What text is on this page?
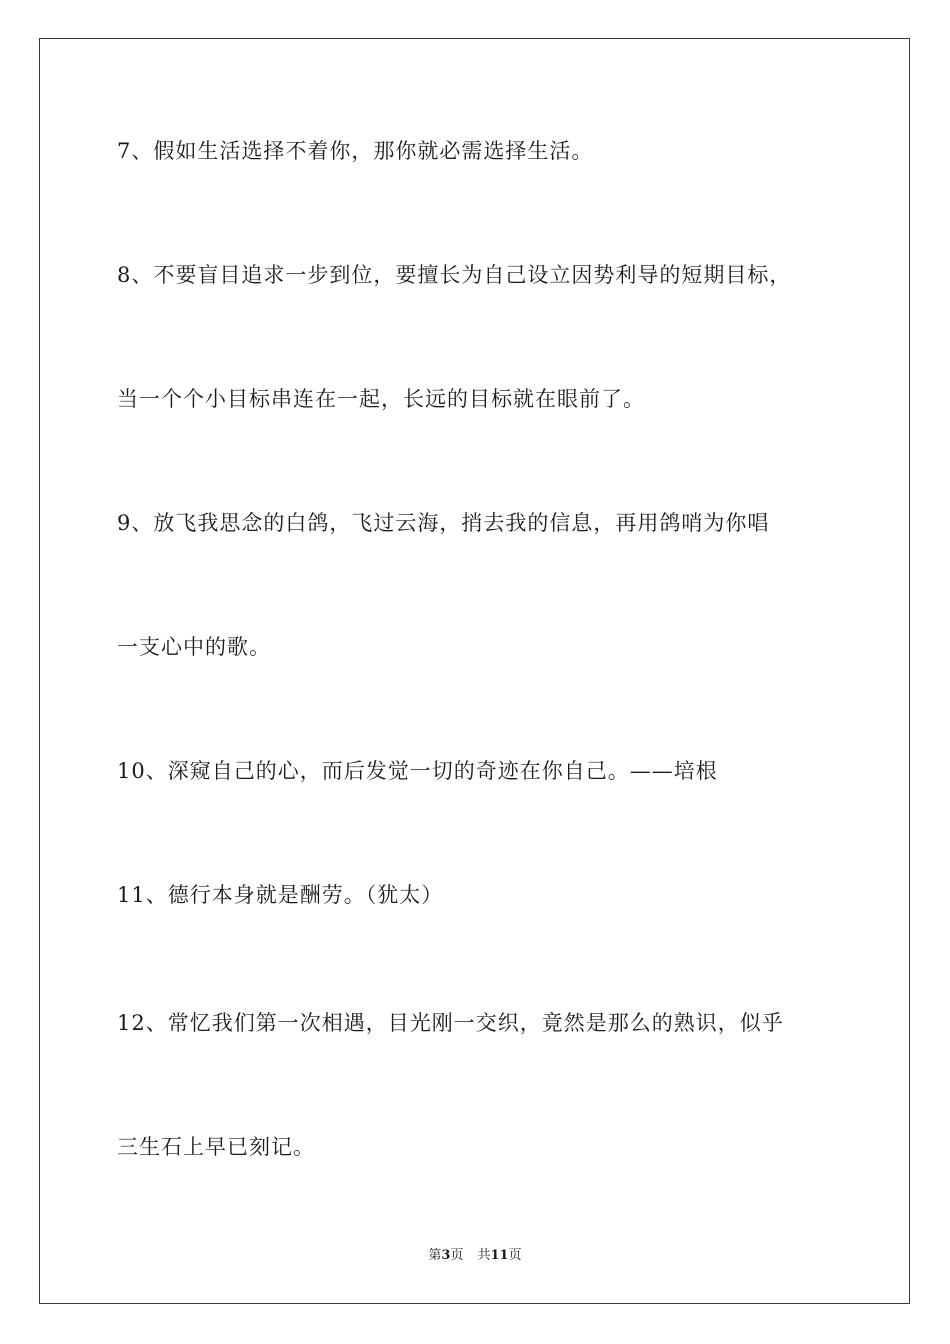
7、假如生活选择不着你，那你就必需选择生活。
8、不要盲目追求一步到位，要擅长为自己设立因势利导的短期目标，
当一个个小目标串连在一起，长远的目标就在眼前了。
9、放飞我思念的白鸽，飞过云海，捎去我的信息，再用鸽哨为你唱
一支心中的歌。
10、深窥自己的心，而后发觉一切的奇迹在你自己。——培根
11、德行本身就是酬劳。（犹太）
12、常忆我们第一次相遇，目光刚一交织，竟然是那么的熟识，似乎
三生石上早已刻记。
第3页 共11页
